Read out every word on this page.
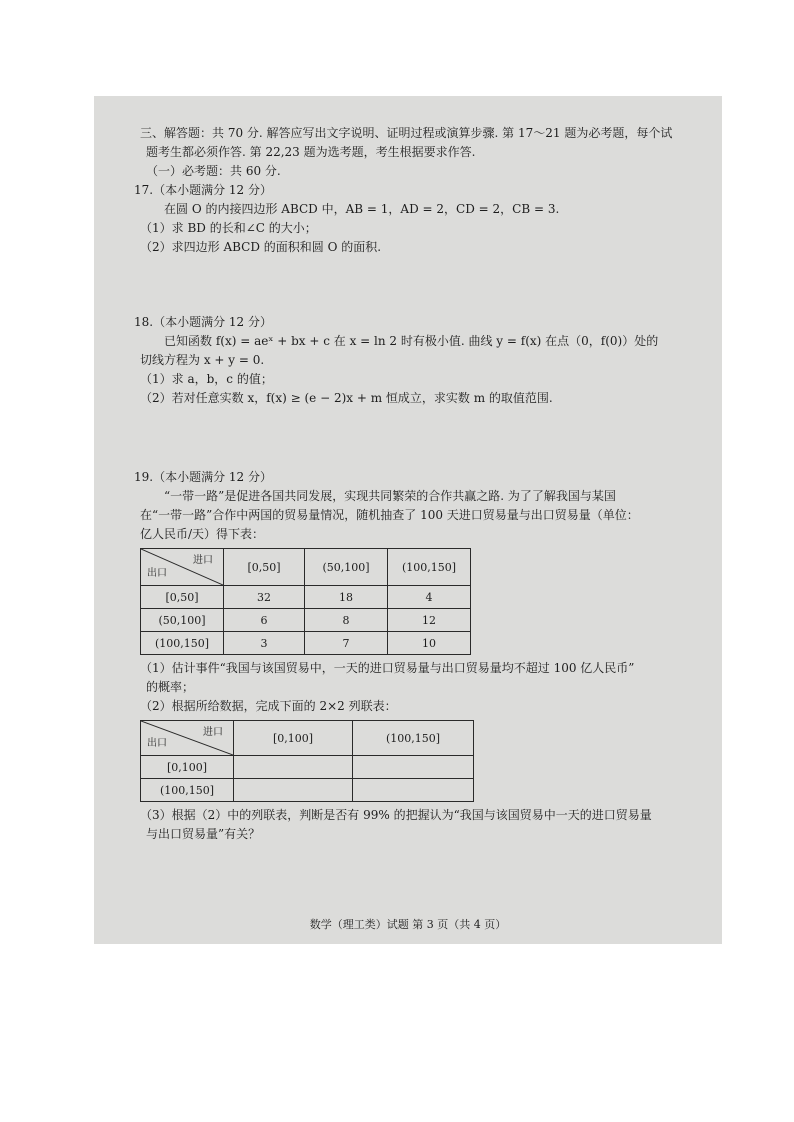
三、解答题：共 70 分. 解答应写出文字说明、证明过程或演算步骤. 第 17～21 题为必考题，每个试

题考生都必须作答. 第 22,23 题为选考题，考生根据要求作答.

（一）必考题：共 60 分.

17.（本小题满分 12 分）

在圆 O 的内接四边形 ABCD 中，AB = 1，AD = 2，CD = 2，CB = 3.

（1）求 BD 的长和∠C 的大小；

（2）求四边形 ABCD 的面积和圆 O 的面积.

18.（本小题满分 12 分）

已知函数 f(x) = aeˣ + bx + c 在 x = ln 2 时有极小值. 曲线 y = f(x) 在点（0，f(0)）处的

切线方程为 x + y = 0.

（1）求 a，b，c 的值；

（2）若对任意实数 x，f(x) ≥ (e − 2)x + m 恒成立，求实数 m 的取值范围.

19.（本小题满分 12 分）

“一带一路”是促进各国共同发展，实现共同繁荣的合作共赢之路. 为了了解我国与某国

在“一带一路”合作中两国的贸易量情况，随机抽查了 100 天进口贸易量与出口贸易量（单位：

亿人民币/天）得下表：

进口
出口	[0,50]	(50,100]	(100,150]
[0,50]	32	18	4
(50,100]	6	8	12
(100,150]	3	7	10

（1）估计事件“我国与该国贸易中，一天的进口贸易量与出口贸易量均不超过 100 亿人民币”

的概率；

（2）根据所给数据，完成下面的 2×2 列联表：

进口
出口	[0,100]	(100,150]
[0,100]		
(100,150]		

（3）根据（2）中的列联表，判断是否有 99% 的把握认为“我国与该国贸易中一天的进口贸易量

与出口贸易量”有关？

数学（理工类）试题 第 3 页（共 4 页）
